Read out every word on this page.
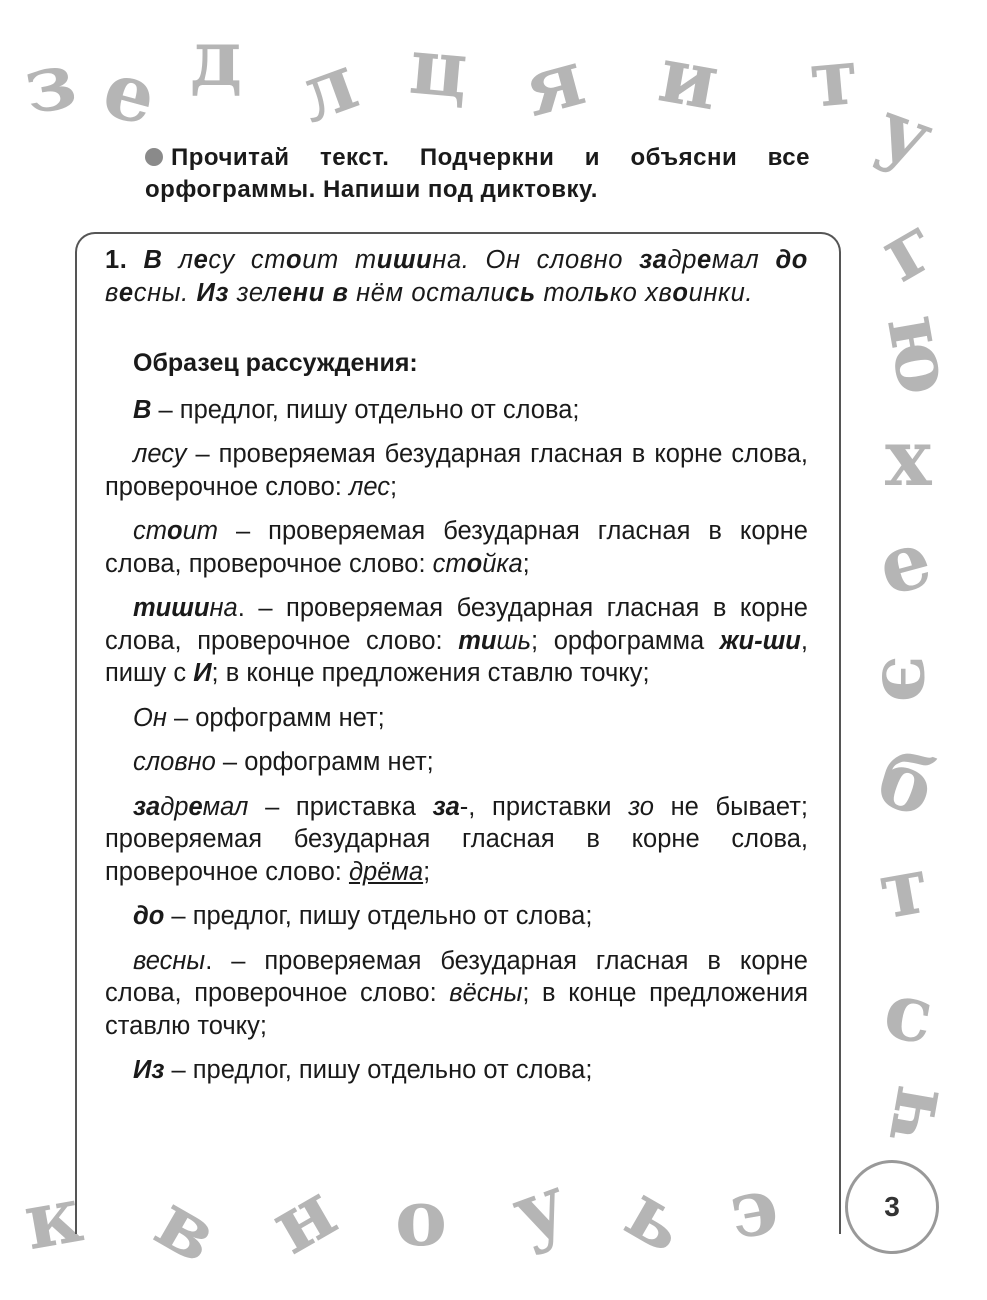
з е д л ц я и т
у
г
ю
х
е
э
б
т
с
ч
к в н о у ь э
Прочитай текст. Подчеркни и объясни все орфограммы. Напиши под диктовку.

1. В лесу стоит тишина. Он словно задремал до весны. Из зелени в нём остались только хвоинки.

Образец рассуждения:

В – предлог, пишу отдельно от слова;

лесу – проверяемая безударная гласная в корне слова, проверочное слово: лес;

стоит – проверяемая безударная гласная в корне слова, проверочное слово: стойка;

тишина. – проверяемая безударная гласная в корне слова, проверочное слово: тишь; орфограмма жи-ши, пишу с И; в конце предложения ставлю точку;

Он – орфограмм нет;

словно – орфограмм нет;

задремал – приставка за-, приставки зо не бывает; проверяемая безударная гласная в корне слова, проверочное слово: дрёма;

до – предлог, пишу отдельно от слова;

весны. – проверяемая безударная гласная в корне слова, проверочное слово: вёсны; в конце предложения ставлю точку;

Из – предлог, пишу отдельно от слова;

3
